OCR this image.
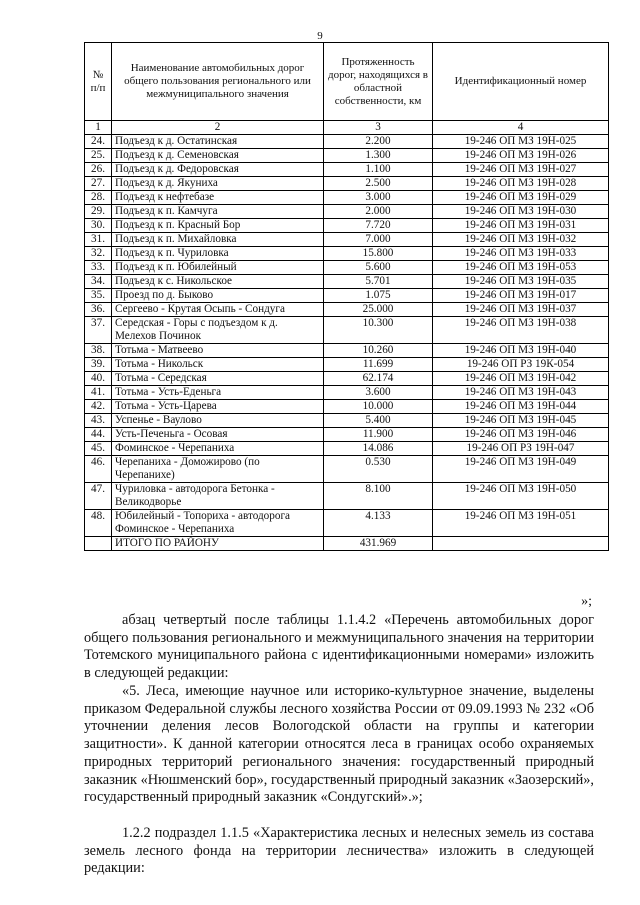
9
№ п/п	Наименование автомобильных дорог общего пользования регионального или межмуниципального значения	Протяженность дорог, находящихся в областной собственности, км	Идентификационный номер
1	2	3	4
24.	Подъезд к д. Остатинская	2.200	19-246 ОП МЗ 19Н-025
25.	Подъезд к д. Семеновская	1.300	19-246 ОП МЗ 19Н-026
26.	Подъезд к д. Федоровская	1.100	19-246 ОП МЗ 19Н-027
27.	Подъезд к д. Якуниха	2.500	19-246 ОП МЗ 19Н-028
28.	Подъезд к нефтебазе	3.000	19-246 ОП МЗ 19Н-029
29.	Подъезд к п. Камчуга	2.000	19-246 ОП МЗ 19Н-030
30.	Подъезд к п. Красный Бор	7.720	19-246 ОП МЗ 19Н-031
31.	Подъезд к п. Михайловка	7.000	19-246 ОП МЗ 19Н-032
32.	Подъезд к п. Чуриловка	15.800	19-246 ОП МЗ 19Н-033
33.	Подъезд к п. Юбилейный	5.600	19-246 ОП МЗ 19Н-053
34.	Подъезд к с. Никольское	5.701	19-246 ОП МЗ 19Н-035
35.	Проезд по д. Быково	1.075	19-246 ОП МЗ 19Н-017
36.	Сергеево - Крутая Осыпь - Сондуга	25.000	19-246 ОП МЗ 19Н-037
37.	Середская - Горы с подъездом к д. Мелехов Починок	10.300	19-246 ОП МЗ 19Н-038
38.	Тотьма - Матвеево	10.260	19-246 ОП МЗ 19Н-040
39.	Тотьма - Никольск	11.699	19-246 ОП РЗ 19К-054
40.	Тотьма - Середская	62.174	19-246 ОП МЗ 19Н-042
41.	Тотьма - Усть-Еденьга	3.600	19-246 ОП МЗ 19Н-043
42.	Тотьма - Усть-Царева	10.000	19-246 ОП МЗ 19Н-044
43.	Успенье - Ваулово	5.400	19-246 ОП МЗ 19Н-045
44.	Усть-Печеньга - Осовая	11.900	19-246 ОП МЗ 19Н-046
45.	Фоминское - Черепаниха	14.086	19-246 ОП РЗ 19Н-047
46.	Черепаниха - Доможирово (по Черепанихе)	0.530	19-246 ОП МЗ 19Н-049
47.	Чуриловка - автодорога Бетонка - Великодворье	8.100	19-246 ОП МЗ 19Н-050
48.	Юбилейный - Топориха - автодорога Фоминское - Черепаниха	4.133	19-246 ОП МЗ 19Н-051
	ИТОГО ПО РАЙОНУ	431.969	
»;
абзац четвертый после таблицы 1.1.4.2 «Перечень автомобильных дорог общего пользования регионального и межмуниципального значения на территории Тотемского муниципального района с идентификационными номерами» изложить в следующей редакции:
«5. Леса, имеющие научное или историко-культурное значение, выделены приказом Федеральной службы лесного хозяйства России от 09.09.1993 № 232 «Об уточнении деления лесов Вологодской области на группы и категории защитности». К данной категории относятся леса в границах особо охраняемых природных территорий регионального значения: государственный природный заказник «Нюшменский бор», государственный природный заказник «Заозерский», государственный природный заказник «Сондугский».»;
1.2.2 подраздел 1.1.5 «Характеристика лесных и нелесных земель из состава земель лесного фонда на территории лесничества» изложить в следующей редакции:
